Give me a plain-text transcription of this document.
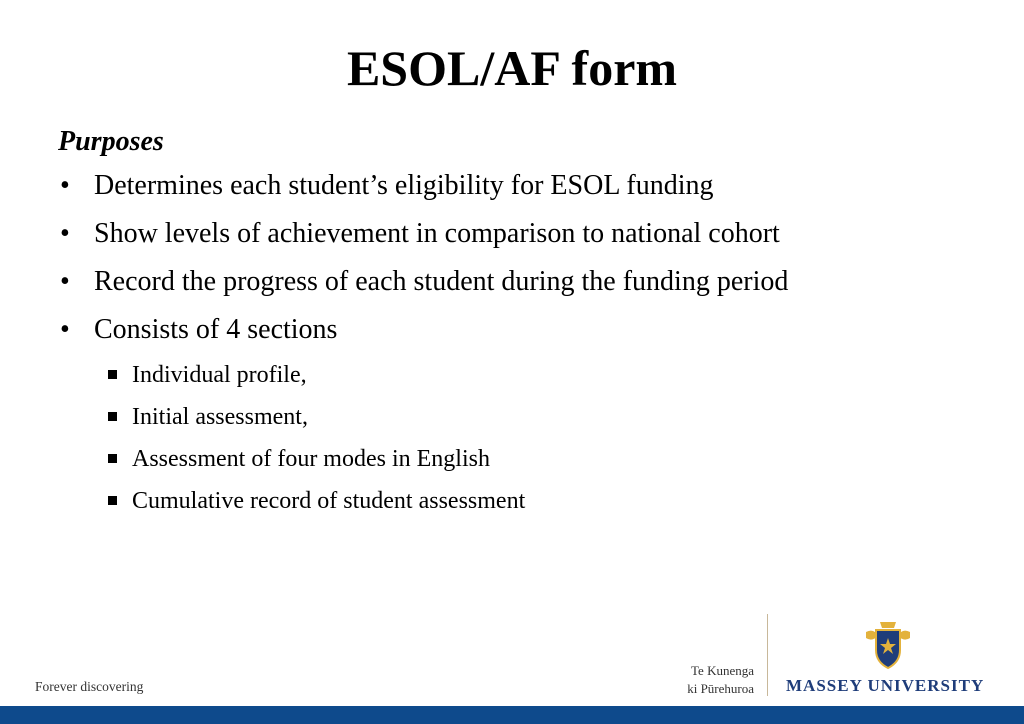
ESOL/AF form
Purposes
• Determines each student’s eligibility for ESOL funding
• Show levels of achievement in comparison to national cohort
• Record the progress of each student during the funding period
• Consists of 4 sections
Individual profile,
Initial assessment,
Assessment of four modes in English
Cumulative record of student assessment
Forever discovering
Te Kunenga
ki Pūrehuroa MASSEY UNIVERSITY
